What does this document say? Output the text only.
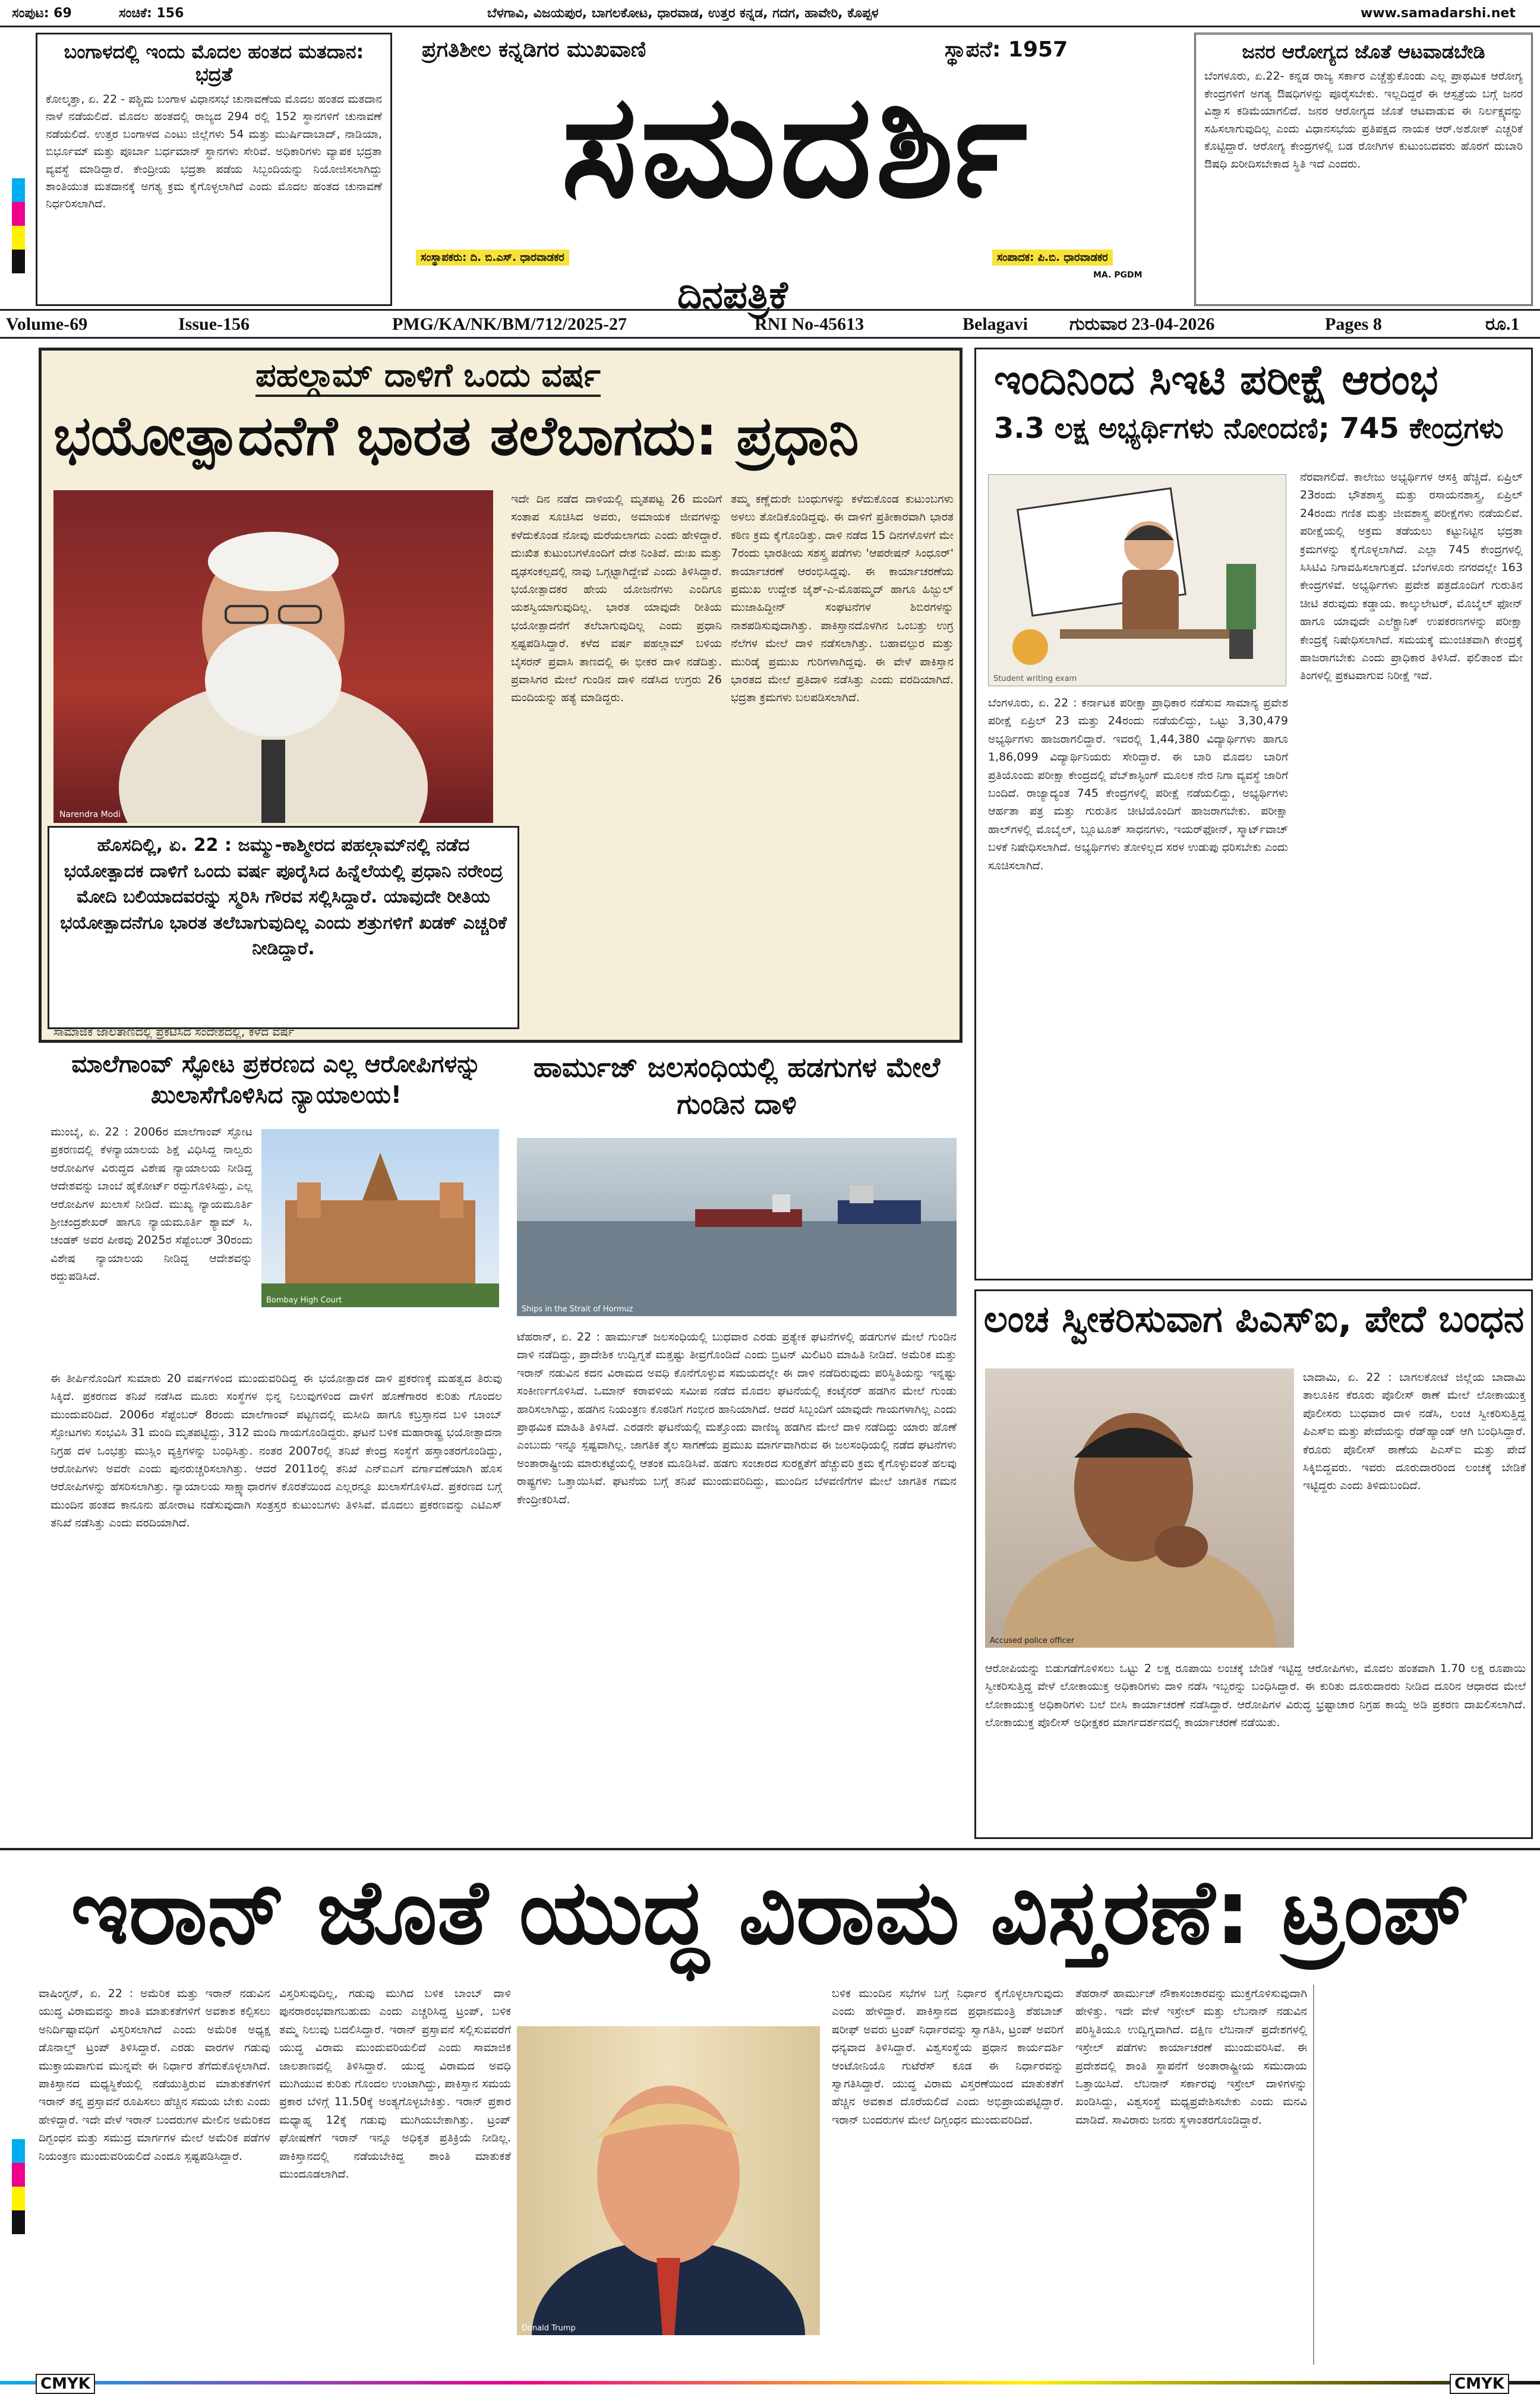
ಸಂಪುಟ: 69	ಸಂಚಿಕೆ: 156	ಬೆಳಗಾವಿ, ವಿಜಯಪುರ, ಬಾಗಲಕೋಟ, ಧಾರವಾಡ, ಉತ್ತರ ಕನ್ನಡ, ಗದಗ, ಹಾವೇರಿ, ಕೊಪ್ಪಳ	www.samadarshi.net
ಬಂಗಾಳದಲ್ಲಿ ಇಂದು ಮೊದಲ ಹಂತದ ಮತದಾನ: ಭದ್ರತೆ
ಕೋಲ್ಕತ್ತಾ, ಏ. 22 - ಪಶ್ಚಿಮ ಬಂಗಾಳ ವಿಧಾನಸಭೆ ಚುನಾವಣೆಯ ಮೊದಲ ಹಂತದ ಮತದಾನ ನಾಳೆ ನಡೆಯಲಿದೆ. ಮೊದಲ ಹಂತದಲ್ಲಿ ರಾಜ್ಯದ 294 ರಲ್ಲಿ 152 ಸ್ಥಾನಗಳಿಗೆ ಚುನಾವಣೆ ನಡೆಯಲಿದೆ. ಉತ್ತರ ಬಂಗಾಳದ ಎಂಟು ಜಿಲ್ಲೆಗಳು 54 ಮತ್ತು ಮುರ್ಷಿದಾಬಾದ್, ನಾಡಿಯಾ, ಬಿರ್ಭೂಮ್ ಮತ್ತು ಪೂರ್ಬಾ ಬರ್ಧಮಾನ್ ಸ್ಥಾನಗಳು ಸೇರಿವೆ. ಅಧಿಕಾರಿಗಳು ವ್ಯಾಪಕ ಭದ್ರತಾ ವ್ಯವಸ್ಥೆ ಮಾಡಿದ್ದಾರೆ. ಕೇಂದ್ರೀಯ ಭದ್ರತಾ ಪಡೆಯ ಸಿಬ್ಬಂದಿಯನ್ನು ನಿಯೋಜಿಸಲಾಗಿದ್ದು ಶಾಂತಿಯುತ ಮತದಾನಕ್ಕೆ ಅಗತ್ಯ ಕ್ರಮ ಕೈಗೊಳ್ಳಲಾಗಿದೆ ಎಂದು ಮೊದಲ ಹಂತದ ಚುನಾವಣೆ ನಿರ್ಧರಿಸಲಾಗಿದೆ.
ಪ್ರಗತಿಶೀಲ ಕನ್ನಡಿಗರ ಮುಖವಾಣಿ	ಸ್ಥಾಪನೆ: 1957
ಸಮದರ್ಶಿ
ಸಂಸ್ಥಾಪಕರು: ದಿ. ಬಿ.ಎಸ್. ಧಾರವಾಡಕರ
ದಿನಪತ್ರಿಕೆ
ಸಂಪಾದಕ: ಪಿ.ಬಿ. ಧಾರವಾಡಕರ
MA. PGDM
ಜನರ ಆರೋಗ್ಯದ ಜೊತೆ ಆಟವಾಡಬೇಡಿ
ಬೆಂಗಳೂರು, ಏ.22- ಕನ್ನಡ ರಾಜ್ಯ ಸರ್ಕಾರ ಎಚ್ಚೆತ್ತುಕೊಂಡು ಎಲ್ಲ ಪ್ರಾಥಮಿಕ ಆರೋಗ್ಯ ಕೇಂದ್ರಗಳಿಗೆ ಅಗತ್ಯ ಔಷಧಿಗಳನ್ನು ಪೂರೈಸಬೇಕು. ಇಲ್ಲದಿದ್ದರೆ ಈ ಆಸ್ಪತ್ರೆಯ ಬಗ್ಗೆ ಜನರ ವಿಶ್ವಾಸ ಕಡಿಮೆಯಾಗಲಿದೆ. ಜನರ ಆರೋಗ್ಯದ ಜೊತೆ ಆಟವಾಡುವ ಈ ನಿರ್ಲಕ್ಷ್ಯವನ್ನು ಸಹಿಸಲಾಗುವುದಿಲ್ಲ ಎಂದು ವಿಧಾನಸಭೆಯ ಪ್ರತಿಪಕ್ಷದ ನಾಯಕ ಆರ್.ಅಶೋಕ್ ಎಚ್ಚರಿಕೆ ಕೊಟ್ಟಿದ್ದಾರೆ. ಆರೋಗ್ಯ ಕೇಂದ್ರಗಳಲ್ಲಿ ಬಡ ರೋಗಿಗಳ ಕುಟುಂಬದವರು ಹೊರಗೆ ದುಬಾರಿ ಔಷಧಿ ಖರೀದಿಸಬೇಕಾದ ಸ್ಥಿತಿ ಇದೆ ಎಂದರು.
Volume-69	Issue-156	PMG/KA/NK/BM/712/2025-27	RNI No-45613	Belagavi ಗುರುವಾರ 23-04-2026	Pages 8	ರೂ.1
ಪಹಲ್ಗಾಮ್ ದಾಳಿಗೆ ಒಂದು ವರ್ಷ
ಭಯೋತ್ಪಾದನೆಗೆ ಭಾರತ ತಲೆಬಾಗದು: ಪ್ರಧಾನಿ
Narendra Modi
ಹೊಸದಿಲ್ಲಿ, ಏ. 22 : ಜಮ್ಮು-ಕಾಶ್ಮೀರದ ಪಹಲ್ಗಾಮ್‌ನಲ್ಲಿ ನಡೆದ ಭಯೋತ್ಪಾದಕ ದಾಳಿಗೆ ಒಂದು ವರ್ಷ ಪೂರೈಸಿದ ಹಿನ್ನೆಲೆಯಲ್ಲಿ ಪ್ರಧಾನಿ ನರೇಂದ್ರ ಮೋದಿ ಬಲಿಯಾದವರನ್ನು ಸ್ಮರಿಸಿ ಗೌರವ ಸಲ್ಲಿಸಿದ್ದಾರೆ. ಯಾವುದೇ ರೀತಿಯ ಭಯೋತ್ಪಾದನೆಗೂ ಭಾರತ ತಲೆಬಾಗುವುದಿಲ್ಲ ಎಂದು ಶತ್ರುಗಳಿಗೆ ಖಡಕ್ ಎಚ್ಚರಿಕೆ ನೀಡಿದ್ದಾರೆ.
ಸಾಮಾಜಿಕ ಜಾಲತಾಣದಲ್ಲಿ ಪ್ರಕಟಿಸಿದ ಸಂದೇಶದಲ್ಲಿ, ಕಳೆದ ವರ್ಷ
ಇದೇ ದಿನ ನಡೆದ ದಾಳಿಯಲ್ಲಿ ಮೃತಪಟ್ಟ 26 ಮಂದಿಗೆ ಸಂತಾಪ ಸೂಚಿಸಿದ ಅವರು, ಅಮಾಯಕ ಜೀವಗಳನ್ನು ಕಳೆದುಕೊಂಡ ನೋವು ಮರೆಯಲಾಗದು ಎಂದು ಹೇಳಿದ್ದಾರೆ. ದುಃಖಿತ ಕುಟುಂಬಗಳೊಂದಿಗೆ ದೇಶ ನಿಂತಿದೆ. ದುಃಖ ಮತ್ತು ದೃಢಸಂಕಲ್ಪದಲ್ಲಿ ನಾವು ಒಗ್ಗಟ್ಟಾಗಿದ್ದೇವೆ ಎಂದು ತಿಳಿಸಿದ್ದಾರೆ. ಭಯೋತ್ಪಾದಕರ ಹೇಯ ಯೋಜನೆಗಳು ಎಂದಿಗೂ ಯಶಸ್ವಿಯಾಗುವುದಿಲ್ಲ. ಭಾರತ ಯಾವುದೇ ರೀತಿಯ ಭಯೋತ್ಪಾದನೆಗೆ ತಲೆಬಾಗುವುದಿಲ್ಲ ಎಂದು ಪ್ರಧಾನಿ ಸ್ಪಷ್ಟಪಡಿಸಿದ್ದಾರೆ. ಕಳೆದ ವರ್ಷ ಪಹಲ್ಗಾಮ್ ಬಳಿಯ ಬೈಸರನ್ ಪ್ರವಾಸಿ ತಾಣದಲ್ಲಿ ಈ ಭೀಕರ ದಾಳಿ ನಡೆದಿತ್ತು. ಪ್ರವಾಸಿಗರ ಮೇಲೆ ಗುಂಡಿನ ದಾಳಿ ನಡೆಸಿದ ಉಗ್ರರು 26 ಮಂದಿಯನ್ನು ಹತ್ಯೆ ಮಾಡಿದ್ದರು.
ತಮ್ಮ ಕಣ್ಣೆದುರೇ ಬಂಧುಗಳನ್ನು ಕಳೆದುಕೊಂಡ ಕುಟುಂಬಗಳು ಅಳಲು ತೋಡಿಕೊಂಡಿದ್ದವು. ಈ ದಾಳಿಗೆ ಪ್ರತೀಕಾರವಾಗಿ ಭಾರತ ಕಠಿಣ ಕ್ರಮ ಕೈಗೊಂಡಿತ್ತು. ದಾಳಿ ನಡೆದ 15 ದಿನಗಳೊಳಗೆ ಮೇ 7ರಂದು ಭಾರತೀಯ ಸಶಸ್ತ್ರ ಪಡೆಗಳು 'ಆಪರೇಷನ್ ಸಿಂಧೂರ್' ಕಾರ್ಯಾಚರಣೆ ಆರಂಭಿಸಿದ್ದವು. ಈ ಕಾರ್ಯಾಚರಣೆಯ ಪ್ರಮುಖ ಉದ್ದೇಶ ಜೈಶ್-ಎ-ಮೊಹಮ್ಮದ್ ಹಾಗೂ ಹಿಜ್ಬುಲ್ ಮುಜಾಹಿದ್ದೀನ್ ಸಂಘಟನೆಗಳ ಶಿಬಿರಗಳನ್ನು ನಾಶಪಡಿಸುವುದಾಗಿತ್ತು. ಪಾಕಿಸ್ತಾನದೊಳಗಿನ ಒಂಬತ್ತು ಉಗ್ರ ನೆಲೆಗಳ ಮೇಲೆ ದಾಳಿ ನಡೆಸಲಾಗಿತ್ತು. ಬಹಾವಲ್ಪುರ ಮತ್ತು ಮುರಿಡ್ಕೆ ಪ್ರಮುಖ ಗುರಿಗಳಾಗಿದ್ದವು. ಈ ವೇಳೆ ಪಾಕಿಸ್ತಾನ ಭಾರತದ ಮೇಲೆ ಪ್ರತಿದಾಳಿ ನಡೆಸಿತ್ತು ಎಂದು ವರದಿಯಾಗಿದೆ. ಭದ್ರತಾ ಕ್ರಮಗಳು ಬಲಪಡಿಸಲಾಗಿದೆ.
ಇಂದಿನಿಂದ ಸಿಇಟಿ ಪರೀಕ್ಷೆ ಆರಂಭ
3.3 ಲಕ್ಷ ಅಭ್ಯರ್ಥಿಗಳು ನೋಂದಣಿ; 745 ಕೇಂದ್ರಗಳು
Student writing exam
ನೆರವಾಗಲಿದೆ. ಕಾಲೇಜು ಅಭ್ಯರ್ಥಿಗಳ ಆಸಕ್ತಿ ಹೆಚ್ಚಿದೆ. ಏಪ್ರಿಲ್ 23ರಂದು ಭೌತಶಾಸ್ತ್ರ ಮತ್ತು ರಸಾಯನಶಾಸ್ತ್ರ, ಏಪ್ರಿಲ್ 24ರಂದು ಗಣಿತ ಮತ್ತು ಜೀವಶಾಸ್ತ್ರ ಪರೀಕ್ಷೆಗಳು ನಡೆಯಲಿವೆ. ಪರೀಕ್ಷೆಯಲ್ಲಿ ಅಕ್ರಮ ತಡೆಯಲು ಕಟ್ಟುನಿಟ್ಟಿನ ಭದ್ರತಾ ಕ್ರಮಗಳನ್ನು ಕೈಗೊಳ್ಳಲಾಗಿದೆ. ಎಲ್ಲಾ 745 ಕೇಂದ್ರಗಳಲ್ಲಿ ಸಿಸಿಟಿವಿ ನಿಗಾವಹಿಸಲಾಗುತ್ತದೆ. ಬೆಂಗಳೂರು ನಗರದಲ್ಲೇ 163 ಕೇಂದ್ರಗಳಿವೆ. ಅಭ್ಯರ್ಥಿಗಳು ಪ್ರವೇಶ ಪತ್ರದೊಂದಿಗೆ ಗುರುತಿನ ಚೀಟಿ ತರುವುದು ಕಡ್ಡಾಯ. ಕಾಲ್ಕುಲೇಟರ್, ಮೊಬೈಲ್ ಫೋನ್ ಹಾಗೂ ಯಾವುದೇ ಎಲೆಕ್ಟ್ರಾನಿಕ್ ಉಪಕರಣಗಳನ್ನು ಪರೀಕ್ಷಾ ಕೇಂದ್ರಕ್ಕೆ ನಿಷೇಧಿಸಲಾಗಿದೆ. ಸಮಯಕ್ಕೆ ಮುಂಚಿತವಾಗಿ ಕೇಂದ್ರಕ್ಕೆ ಹಾಜರಾಗಬೇಕು ಎಂದು ಪ್ರಾಧಿಕಾರ ತಿಳಿಸಿದೆ. ಫಲಿತಾಂಶ ಮೇ ತಿಂಗಳಲ್ಲಿ ಪ್ರಕಟವಾಗುವ ನಿರೀಕ್ಷೆ ಇದೆ.
ಬೆಂಗಳೂರು, ಏ. 22 : ಕರ್ನಾಟಕ ಪರೀಕ್ಷಾ ಪ್ರಾಧಿಕಾರ ನಡೆಸುವ ಸಾಮಾನ್ಯ ಪ್ರವೇಶ ಪರೀಕ್ಷೆ ಏಪ್ರಿಲ್ 23 ಮತ್ತು 24ರಂದು ನಡೆಯಲಿದ್ದು, ಒಟ್ಟು 3,30,479 ಅಭ್ಯರ್ಥಿಗಳು ಹಾಜರಾಗಲಿದ್ದಾರೆ. ಇವರಲ್ಲಿ 1,44,380 ವಿದ್ಯಾರ್ಥಿಗಳು ಹಾಗೂ 1,86,099 ವಿದ್ಯಾರ್ಥಿನಿಯರು ಸೇರಿದ್ದಾರೆ. ಈ ಬಾರಿ ಮೊದಲ ಬಾರಿಗೆ ಪ್ರತಿಯೊಂದು ಪರೀಕ್ಷಾ ಕೇಂದ್ರದಲ್ಲಿ ವೆಬ್‌ಕಾಸ್ಟಿಂಗ್ ಮೂಲಕ ನೇರ ನಿಗಾ ವ್ಯವಸ್ಥೆ ಜಾರಿಗೆ ಬಂದಿದೆ. ರಾಜ್ಯಾದ್ಯಂತ 745 ಕೇಂದ್ರಗಳಲ್ಲಿ ಪರೀಕ್ಷೆ ನಡೆಯಲಿದ್ದು, ಅಭ್ಯರ್ಥಿಗಳು ಆರ್ಹತಾ ಪತ್ರ ಮತ್ತು ಗುರುತಿನ ಚೀಟಿಯೊಂದಿಗೆ ಹಾಜರಾಗಬೇಕು. ಪರೀಕ್ಷಾ ಹಾಲ್‌ಗಳಲ್ಲಿ ಮೊಬೈಲ್, ಬ್ಲೂಟೂತ್ ಸಾಧನಗಳು, ಇಯರ್‌ಫೋನ್, ಸ್ಮಾರ್ಟ್‌ವಾಚ್ ಬಳಕೆ ನಿಷೇಧಿಸಲಾಗಿದೆ. ಅಭ್ಯರ್ಥಿಗಳು ತೋಳಿಲ್ಲದ ಸರಳ ಉಡುಪು ಧರಿಸಬೇಕು ಎಂದು ಸೂಚಿಸಲಾಗಿದೆ.
ಮಾಲೆಗಾಂವ್ ಸ್ಫೋಟ ಪ್ರಕರಣದ ಎಲ್ಲ ಆರೋಪಿಗಳನ್ನು ಖುಲಾಸೆಗೊಳಿಸಿದ ನ್ಯಾಯಾಲಯ!
ಮುಂಬೈ, ಏ. 22 : 2006ರ ಮಾಲೆಗಾಂವ್ ಸ್ಫೋಟ ಪ್ರಕರಣದಲ್ಲಿ ಕೆಳನ್ಯಾಯಾಲಯ ಶಿಕ್ಷೆ ವಿಧಿಸಿದ್ದ ನಾಲ್ವರು ಆರೋಪಿಗಳ ವಿರುದ್ಧದ ವಿಶೇಷ ನ್ಯಾಯಾಲಯ ನೀಡಿದ್ದ ಆದೇಶವನ್ನು ಬಾಂಬೆ ಹೈಕೋರ್ಟ್ ರದ್ದುಗೊಳಿಸಿದ್ದು, ಎಲ್ಲ ಆರೋಪಿಗಳ ಖುಲಾಸೆ ನೀಡಿದೆ. ಮುಖ್ಯ ನ್ಯಾಯಮೂರ್ತಿ ಶ್ರೀಚಂದ್ರಶೇಖರ್ ಹಾಗೂ ನ್ಯಾಯಮೂರ್ತಿ ಶ್ಯಾಮ್ ಸಿ. ಚಂಡಕ್ ಅವರ ಪೀಠವು 2025ರ ಸೆಪ್ಟೆಂಬರ್ 30ರಂದು ವಿಶೇಷ ನ್ಯಾಯಾಲಯ ನೀಡಿದ್ದ ಆದೇಶವನ್ನು ರದ್ದುಪಡಿಸಿದೆ.
Bombay High Court
ಈ ತೀರ್ಪಿನೊಂದಿಗೆ ಸುಮಾರು 20 ವರ್ಷಗಳಿಂದ ಮುಂದುವರಿದಿದ್ದ ಈ ಭಯೋತ್ಪಾದಕ ದಾಳಿ ಪ್ರಕರಣಕ್ಕೆ ಮಹತ್ವದ ತಿರುವು ಸಿಕ್ಕಿದೆ. ಪ್ರಕರಣದ ತನಿಖೆ ನಡೆಸಿದ ಮೂರು ಸಂಸ್ಥೆಗಳ ಭಿನ್ನ ನಿಲುವುಗಳಿಂದ ದಾಳಿಗೆ ಹೊಣೆಗಾರರ ಕುರಿತು ಗೊಂದಲ ಮುಂದುವರಿದಿದೆ. 2006ರ ಸೆಪ್ಟೆಂಬರ್ 8ರಂದು ಮಾಲೆಗಾಂವ್ ಪಟ್ಟಣದಲ್ಲಿ ಮಸೀದಿ ಹಾಗೂ ಕಬ್ರಸ್ತಾನದ ಬಳಿ ಬಾಂಬ್ ಸ್ಫೋಟಗಳು ಸಂಭವಿಸಿ 31 ಮಂದಿ ಮೃತಪಟ್ಟಿದ್ದು, 312 ಮಂದಿ ಗಾಯಗೊಂಡಿದ್ದರು. ಘಟನೆ ಬಳಿಕ ಮಹಾರಾಷ್ಟ್ರ ಭಯೋತ್ಪಾದನಾ ನಿಗ್ರಹ ದಳ ಒಂಭತ್ತು ಮುಸ್ಲಿಂ ವ್ಯಕ್ತಿಗಳನ್ನು ಬಂಧಿಸಿತ್ತು. ನಂತರ 2007ರಲ್ಲಿ ತನಿಖೆ ಕೇಂದ್ರ ಸಂಸ್ಥೆಗೆ ಹಸ್ತಾಂತರಗೊಂಡಿದ್ದು, ಆರೋಪಿಗಳು ಅವರೇ ಎಂದು ಪುನರುಚ್ಚರಿಸಲಾಗಿತ್ತು. ಆದರೆ 2011ರಲ್ಲಿ ತನಿಖೆ ಎನ್‌ಐಎಗೆ ವರ್ಗಾವಣೆಯಾಗಿ ಹೊಸ ಆರೋಪಿಗಳನ್ನು ಹೆಸರಿಸಲಾಗಿತ್ತು. ನ್ಯಾಯಾಲಯ ಸಾಕ್ಷ್ಯಾಧಾರಗಳ ಕೊರತೆಯಿಂದ ಎಲ್ಲರನ್ನೂ ಖುಲಾಸೆಗೊಳಿಸಿದೆ. ಪ್ರಕರಣದ ಬಗ್ಗೆ ಮುಂದಿನ ಹಂತದ ಕಾನೂನು ಹೋರಾಟ ನಡೆಸುವುದಾಗಿ ಸಂತ್ರಸ್ತರ ಕುಟುಂಬಗಳು ತಿಳಿಸಿವೆ. ಮೊದಲು ಪ್ರಕರಣವನ್ನು ಎಟಿಎಸ್ ತನಿಖೆ ನಡೆಸಿತ್ತು ಎಂದು ವರದಿಯಾಗಿದೆ.
ಹಾರ್ಮುಜ್ ಜಲಸಂಧಿಯಲ್ಲಿ ಹಡಗುಗಳ ಮೇಲೆ ಗುಂಡಿನ ದಾಳಿ
Ships in the Strait of Hormuz
ಟೆಹರಾನ್, ಏ. 22 : ಹಾರ್ಮುಜ್ ಜಲಸಂಧಿಯಲ್ಲಿ ಬುಧವಾರ ಎರಡು ಪ್ರತ್ಯೇಕ ಘಟನೆಗಳಲ್ಲಿ ಹಡಗುಗಳ ಮೇಲೆ ಗುಂಡಿನ ದಾಳಿ ನಡೆದಿದ್ದು, ಪ್ರಾದೇಶಿಕ ಉದ್ವಿಗ್ನತೆ ಮತ್ತಷ್ಟು ತೀವ್ರಗೊಂಡಿದೆ ಎಂದು ಬ್ರಿಟನ್ ಮಿಲಿಟರಿ ಮಾಹಿತಿ ನೀಡಿದೆ. ಅಮೆರಿಕ ಮತ್ತು ಇರಾನ್ ನಡುವಿನ ಕದನ ವಿರಾಮದ ಅವಧಿ ಕೊನೆಗೊಳ್ಳುವ ಸಮಯದಲ್ಲೇ ಈ ದಾಳಿ ನಡೆದಿರುವುದು ಪರಿಸ್ಥಿತಿಯನ್ನು ಇನ್ನಷ್ಟು ಸಂಕೀರ್ಣಗೊಳಿಸಿದೆ. ಒಮಾನ್ ಕರಾವಳಿಯ ಸಮೀಪ ನಡೆದ ಮೊದಲ ಘಟನೆಯಲ್ಲಿ ಕಂಟೈನರ್ ಹಡಗಿನ ಮೇಲೆ ಗುಂಡು ಹಾರಿಸಲಾಗಿದ್ದು, ಹಡಗಿನ ನಿಯಂತ್ರಣ ಕೊಠಡಿಗೆ ಗಂಭೀರ ಹಾನಿಯಾಗಿದೆ. ಆದರೆ ಸಿಬ್ಬಂದಿಗೆ ಯಾವುದೇ ಗಾಯಗಳಾಗಿಲ್ಲ ಎಂದು ಪ್ರಾಥಮಿಕ ಮಾಹಿತಿ ತಿಳಿಸಿದೆ. ಎರಡನೇ ಘಟನೆಯಲ್ಲಿ ಮತ್ತೊಂದು ವಾಣಿಜ್ಯ ಹಡಗಿನ ಮೇಲೆ ದಾಳಿ ನಡೆದಿದ್ದು ಯಾರು ಹೊಣೆ ಎಂಬುದು ಇನ್ನೂ ಸ್ಪಷ್ಟವಾಗಿಲ್ಲ. ಜಾಗತಿಕ ತೈಲ ಸಾಗಣೆಯ ಪ್ರಮುಖ ಮಾರ್ಗವಾಗಿರುವ ಈ ಜಲಸಂಧಿಯಲ್ಲಿ ನಡೆದ ಘಟನೆಗಳು ಅಂತಾರಾಷ್ಟ್ರೀಯ ಮಾರುಕಟ್ಟೆಯಲ್ಲಿ ಆತಂಕ ಮೂಡಿಸಿವೆ. ಹಡಗು ಸಂಚಾರದ ಸುರಕ್ಷತೆಗೆ ಹೆಚ್ಚುವರಿ ಕ್ರಮ ಕೈಗೊಳ್ಳುವಂತೆ ಹಲವು ರಾಷ್ಟ್ರಗಳು ಒತ್ತಾಯಿಸಿವೆ. ಘಟನೆಯ ಬಗ್ಗೆ ತನಿಖೆ ಮುಂದುವರಿದಿದ್ದು, ಮುಂದಿನ ಬೆಳವಣಿಗೆಗಳ ಮೇಲೆ ಜಾಗತಿಕ ಗಮನ ಕೇಂದ್ರೀಕರಿಸಿದೆ.
ಲಂಚ ಸ್ವೀಕರಿಸುವಾಗ ಪಿಎಸ್‌ಐ, ಪೇದೆ ಬಂಧನ
Accused police officer
ಬಾದಾಮಿ, ಏ. 22 : ಬಾಗಲಕೋಟೆ ಜಿಲ್ಲೆಯ ಬಾದಾಮಿ ತಾಲೂಕಿನ ಕೆರೂರು ಪೊಲೀಸ್ ಠಾಣೆ ಮೇಲೆ ಲೋಕಾಯುಕ್ತ ಪೊಲೀಸರು ಬುಧವಾರ ದಾಳಿ ನಡೆಸಿ, ಲಂಚ ಸ್ವೀಕರಿಸುತ್ತಿದ್ದ ಪಿಎಸ್‌ಐ ಮತ್ತು ಪೇದೆಯನ್ನು ರೆಡ್‌ಹ್ಯಾಂಡ್ ಆಗಿ ಬಂಧಿಸಿದ್ದಾರೆ. ಕೆರೂರು ಪೊಲೀಸ್ ಠಾಣೆಯ ಪಿಎಸ್‌ಐ ಮತ್ತು ಪೇದೆ ಸಿಕ್ಕಿಬಿದ್ದವರು. ಇವರು ದೂರುದಾರರಿಂದ ಲಂಚಕ್ಕೆ ಬೇಡಿಕೆ ಇಟ್ಟಿದ್ದರು ಎಂದು ತಿಳಿದುಬಂದಿದೆ.
ಆರೋಪಿಯನ್ನು ಬಿಡುಗಡೆಗೊಳಿಸಲು ಒಟ್ಟು 2 ಲಕ್ಷ ರೂಪಾಯಿ ಲಂಚಕ್ಕೆ ಬೇಡಿಕೆ ಇಟ್ಟಿದ್ದ ಆರೋಪಿಗಳು, ಮೊದಲ ಹಂತವಾಗಿ 1.70 ಲಕ್ಷ ರೂಪಾಯಿ ಸ್ವೀಕರಿಸುತ್ತಿದ್ದ ವೇಳೆ ಲೋಕಾಯುಕ್ತ ಅಧಿಕಾರಿಗಳು ದಾಳಿ ನಡೆಸಿ ಇಬ್ಬರನ್ನು ಬಂಧಿಸಿದ್ದಾರೆ. ಈ ಕುರಿತು ದೂರುದಾರರು ನೀಡಿದ ದೂರಿನ ಆಧಾರದ ಮೇಲೆ ಲೋಕಾಯುಕ್ತ ಅಧಿಕಾರಿಗಳು ಬಲೆ ಬೀಸಿ ಕಾರ್ಯಾಚರಣೆ ನಡೆಸಿದ್ದಾರೆ. ಆರೋಪಿಗಳ ವಿರುದ್ಧ ಭ್ರಷ್ಟಾಚಾರ ನಿಗ್ರಹ ಕಾಯ್ದೆ ಅಡಿ ಪ್ರಕರಣ ದಾಖಲಿಸಲಾಗಿದೆ. ಲೋಕಾಯುಕ್ತ ಪೊಲೀಸ್ ಅಧೀಕ್ಷಕರ ಮಾರ್ಗದರ್ಶನದಲ್ಲಿ ಕಾರ್ಯಾಚರಣೆ ನಡೆಯಿತು.
ಇರಾನ್ ಜೊತೆ ಯುದ್ಧ ವಿರಾಮ ವಿಸ್ತರಣೆ: ಟ್ರಂಪ್
ವಾಷಿಂಗ್ಟನ್, ಏ. 22 : ಅಮೆರಿಕ ಮತ್ತು ಇರಾನ್ ನಡುವಿನ ಯುದ್ಧ ವಿರಾಮವನ್ನು ಶಾಂತಿ ಮಾತುಕತೆಗಳಿಗೆ ಅವಕಾಶ ಕಲ್ಪಿಸಲು ಅನಿರ್ದಿಷ್ಟಾವಧಿಗೆ ವಿಸ್ತರಿಸಲಾಗಿದೆ ಎಂದು ಅಮೆರಿಕ ಅಧ್ಯಕ್ಷ ಡೊನಾಲ್ಡ್ ಟ್ರಂಪ್ ತಿಳಿಸಿದ್ದಾರೆ. ಎರಡು ವಾರಗಳ ಗಡುವು ಮುಕ್ತಾಯವಾಗುವ ಮುನ್ನವೇ ಈ ನಿರ್ಧಾರ ತೆಗೆದುಕೊಳ್ಳಲಾಗಿದೆ. ಪಾಕಿಸ್ತಾನದ ಮಧ್ಯಸ್ಥಿಕೆಯಲ್ಲಿ ನಡೆಯುತ್ತಿರುವ ಮಾತುಕತೆಗಳಿಗೆ ಇರಾನ್ ತನ್ನ ಪ್ರಸ್ತಾವನೆ ರೂಪಿಸಲು ಹೆಚ್ಚಿನ ಸಮಯ ಬೇಕು ಎಂದು ಹೇಳಿದ್ದಾರೆ. ಇದೇ ವೇಳೆ ಇರಾನ್ ಬಂದರುಗಳ ಮೇಲಿನ ಅಮೆರಿಕದ ದಿಗ್ಬಂಧನ ಮತ್ತು ಸಮುದ್ರ ಮಾರ್ಗಗಳ ಮೇಲೆ ಅಮೆರಿಕ ಪಡೆಗಳ ನಿಯಂತ್ರಣ ಮುಂದುವರಿಯಲಿದೆ ಎಂದೂ ಸ್ಪಷ್ಟಪಡಿಸಿದ್ದಾರೆ.
ವಿಸ್ತರಿಸುವುದಿಲ್ಲ, ಗಡುವು ಮುಗಿದ ಬಳಿಕ ಬಾಂಬ್ ದಾಳಿ ಪುನರಾರಂಭವಾಗಬಹುದು ಎಂದು ಎಚ್ಚರಿಸಿದ್ದ ಟ್ರಂಪ್, ಬಳಿಕ ತಮ್ಮ ನಿಲುವು ಬದಲಿಸಿದ್ದಾರೆ. ಇರಾನ್ ಪ್ರಸ್ತಾವನೆ ಸಲ್ಲಿಸುವವರೆಗೆ ಯುದ್ಧ ವಿರಾಮ ಮುಂದುವರಿಯಲಿದೆ ಎಂದು ಸಾಮಾಜಿಕ ಜಾಲತಾಣದಲ್ಲಿ ತಿಳಿಸಿದ್ದಾರೆ. ಯುದ್ಧ ವಿರಾಮದ ಅವಧಿ ಮುಗಿಯುವ ಕುರಿತು ಗೊಂದಲ ಉಂಟಾಗಿದ್ದು, ಪಾಕಿಸ್ತಾನ ಸಮಯ ಪ್ರಕಾರ ಬೆಳಿಗ್ಗೆ 11.50ಕ್ಕೆ ಅಂತ್ಯಗೊಳ್ಳಬೇಕಿತ್ತು. ಇರಾನ್ ಪ್ರಕಾರ ಮಧ್ಯಾಹ್ನ 12ಕ್ಕೆ ಗಡುವು ಮುಗಿಯಬೇಕಾಗಿತ್ತು. ಟ್ರಂಪ್ ಘೋಷಣೆಗೆ ಇರಾನ್ ಇನ್ನೂ ಅಧಿಕೃತ ಪ್ರತಿಕ್ರಿಯೆ ನೀಡಿಲ್ಲ. ಪಾಕಿಸ್ತಾನದಲ್ಲಿ ನಡೆಯಬೇಕಿದ್ದ ಶಾಂತಿ ಮಾತುಕತೆ ಮುಂದೂಡಲಾಗಿದೆ.
Donald Trump
ಬಳಿಕ ಮುಂದಿನ ಸಭೆಗಳ ಬಗ್ಗೆ ನಿರ್ಧಾರ ಕೈಗೊಳ್ಳಲಾಗುವುದು ಎಂದು ಹೇಳಿದ್ದಾರೆ. ಪಾಕಿಸ್ತಾನದ ಪ್ರಧಾನಮಂತ್ರಿ ಶೆಹಬಾಜ್ ಷರೀಫ್ ಅವರು ಟ್ರಂಪ್ ನಿರ್ಧಾರವನ್ನು ಸ್ವಾಗತಿಸಿ, ಟ್ರಂಪ್ ಅವರಿಗೆ ಧನ್ಯವಾದ ತಿಳಿಸಿದ್ದಾರೆ. ವಿಶ್ವಸಂಸ್ಥೆಯ ಪ್ರಧಾನ ಕಾರ್ಯದರ್ಶಿ ಆಂಟೋನಿಯೊ ಗುಟೆರೆಸ್ ಕೂಡ ಈ ನಿರ್ಧಾರವನ್ನು ಸ್ವಾಗತಿಸಿದ್ದಾರೆ. ಯುದ್ಧ ವಿರಾಮ ವಿಸ್ತರಣೆಯಿಂದ ಮಾತುಕತೆಗೆ ಹೆಚ್ಚಿನ ಅವಕಾಶ ದೊರೆಯಲಿದೆ ಎಂದು ಅಭಿಪ್ರಾಯಪಟ್ಟಿದ್ದಾರೆ. ಇರಾನ್ ಬಂದರುಗಳ ಮೇಲೆ ದಿಗ್ಬಂಧನ ಮುಂದುವರಿದಿದೆ.
ತೆಹರಾನ್ ಹಾರ್ಮುಜ್ ನೌಕಾಸಂಚಾರವನ್ನು ಮುಕ್ತಗೊಳಿಸುವುದಾಗಿ ಹೇಳಿತ್ತು. ಇದೇ ವೇಳೆ ಇಸ್ರೇಲ್ ಮತ್ತು ಲೆಬನಾನ್ ನಡುವಿನ ಪರಿಸ್ಥಿತಿಯೂ ಉದ್ವಿಗ್ನವಾಗಿದೆ. ದಕ್ಷಿಣ ಲೆಬನಾನ್ ಪ್ರದೇಶಗಳಲ್ಲಿ ಇಸ್ರೇಲ್ ಪಡೆಗಳು ಕಾರ್ಯಾಚರಣೆ ಮುಂದುವರಿಸಿವೆ. ಈ ಪ್ರದೇಶದಲ್ಲಿ ಶಾಂತಿ ಸ್ಥಾಪನೆಗೆ ಅಂತಾರಾಷ್ಟ್ರೀಯ ಸಮುದಾಯ ಒತ್ತಾಯಿಸಿದೆ. ಲೆಬನಾನ್ ಸರ್ಕಾರವು ಇಸ್ರೇಲ್ ದಾಳಿಗಳನ್ನು ಖಂಡಿಸಿದ್ದು, ವಿಶ್ವಸಂಸ್ಥೆ ಮಧ್ಯಪ್ರವೇಶಿಸಬೇಕು ಎಂದು ಮನವಿ ಮಾಡಿದೆ. ಸಾವಿರಾರು ಜನರು ಸ್ಥಳಾಂತರಗೊಂಡಿದ್ದಾರೆ.
CMYK	CMYK
